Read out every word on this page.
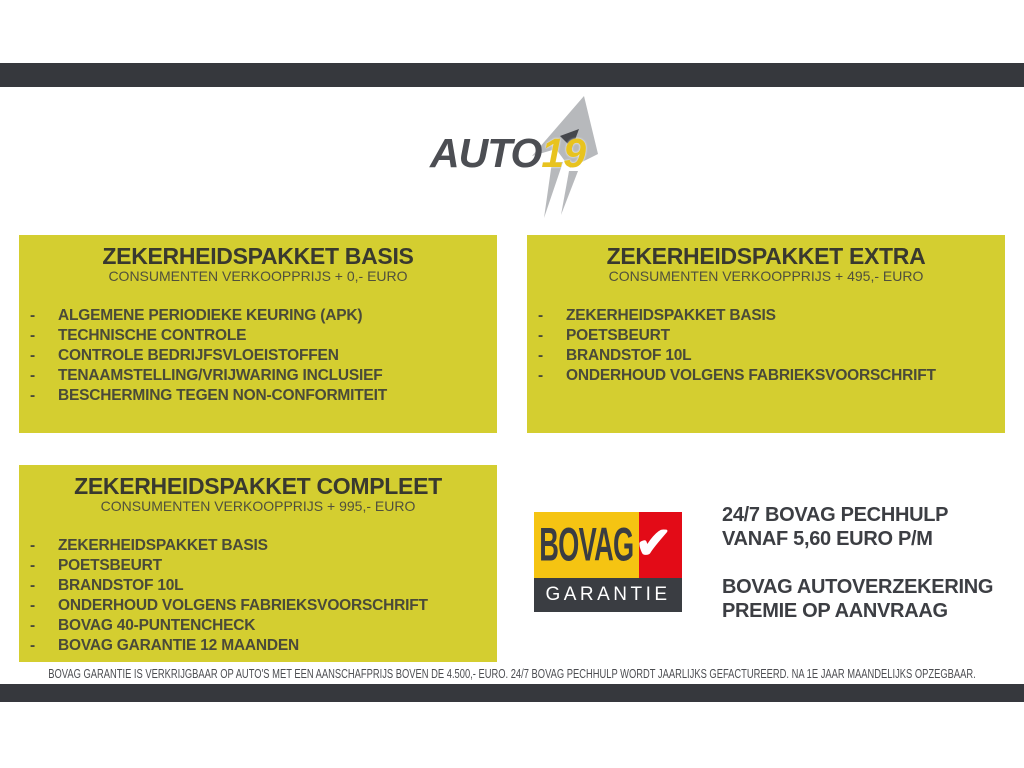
AUTO19
ZEKERHEIDSPAKKET BASIS
CONSUMENTEN VERKOOPPRIJS + 0,- EURO
- ALGEMENE PERIODIEKE KEURING (APK)
- TECHNISCHE CONTROLE
- CONTROLE BEDRIJFSVLOEISTOFFEN
- TENAAMSTELLING/VRIJWARING INCLUSIEF
- BESCHERMING TEGEN NON-CONFORMITEIT
ZEKERHEIDSPAKKET EXTRA
CONSUMENTEN VERKOOPPRIJS + 495,- EURO
- ZEKERHEIDSPAKKET BASIS
- POETSBEURT
- BRANDSTOF 10L
- ONDERHOUD VOLGENS FABRIEKSVOORSCHRIFT
ZEKERHEIDSPAKKET COMPLEET
CONSUMENTEN VERKOOPPRIJS + 995,- EURO
- ZEKERHEIDSPAKKET BASIS
- POETSBEURT
- BRANDSTOF 10L
- ONDERHOUD VOLGENS FABRIEKSVOORSCHRIFT
- BOVAG 40-PUNTENCHECK
- BOVAG GARANTIE 12 MAANDEN
BOVAG ✔
GARANTIE
24/7 BOVAG PECHHULP
VANAF 5,60 EURO P/M
BOVAG AUTOVERZEKERING
PREMIE OP AANVRAAG
BOVAG GARANTIE IS VERKRIJGBAAR OP AUTO'S MET EEN AANSCHAFPRIJS BOVEN DE 4.500,- EURO. 24/7 BOVAG PECHHULP WORDT JAARLIJKS GEFACTUREERD. NA 1E JAAR MAANDELIJKS OPZEGBAAR.
